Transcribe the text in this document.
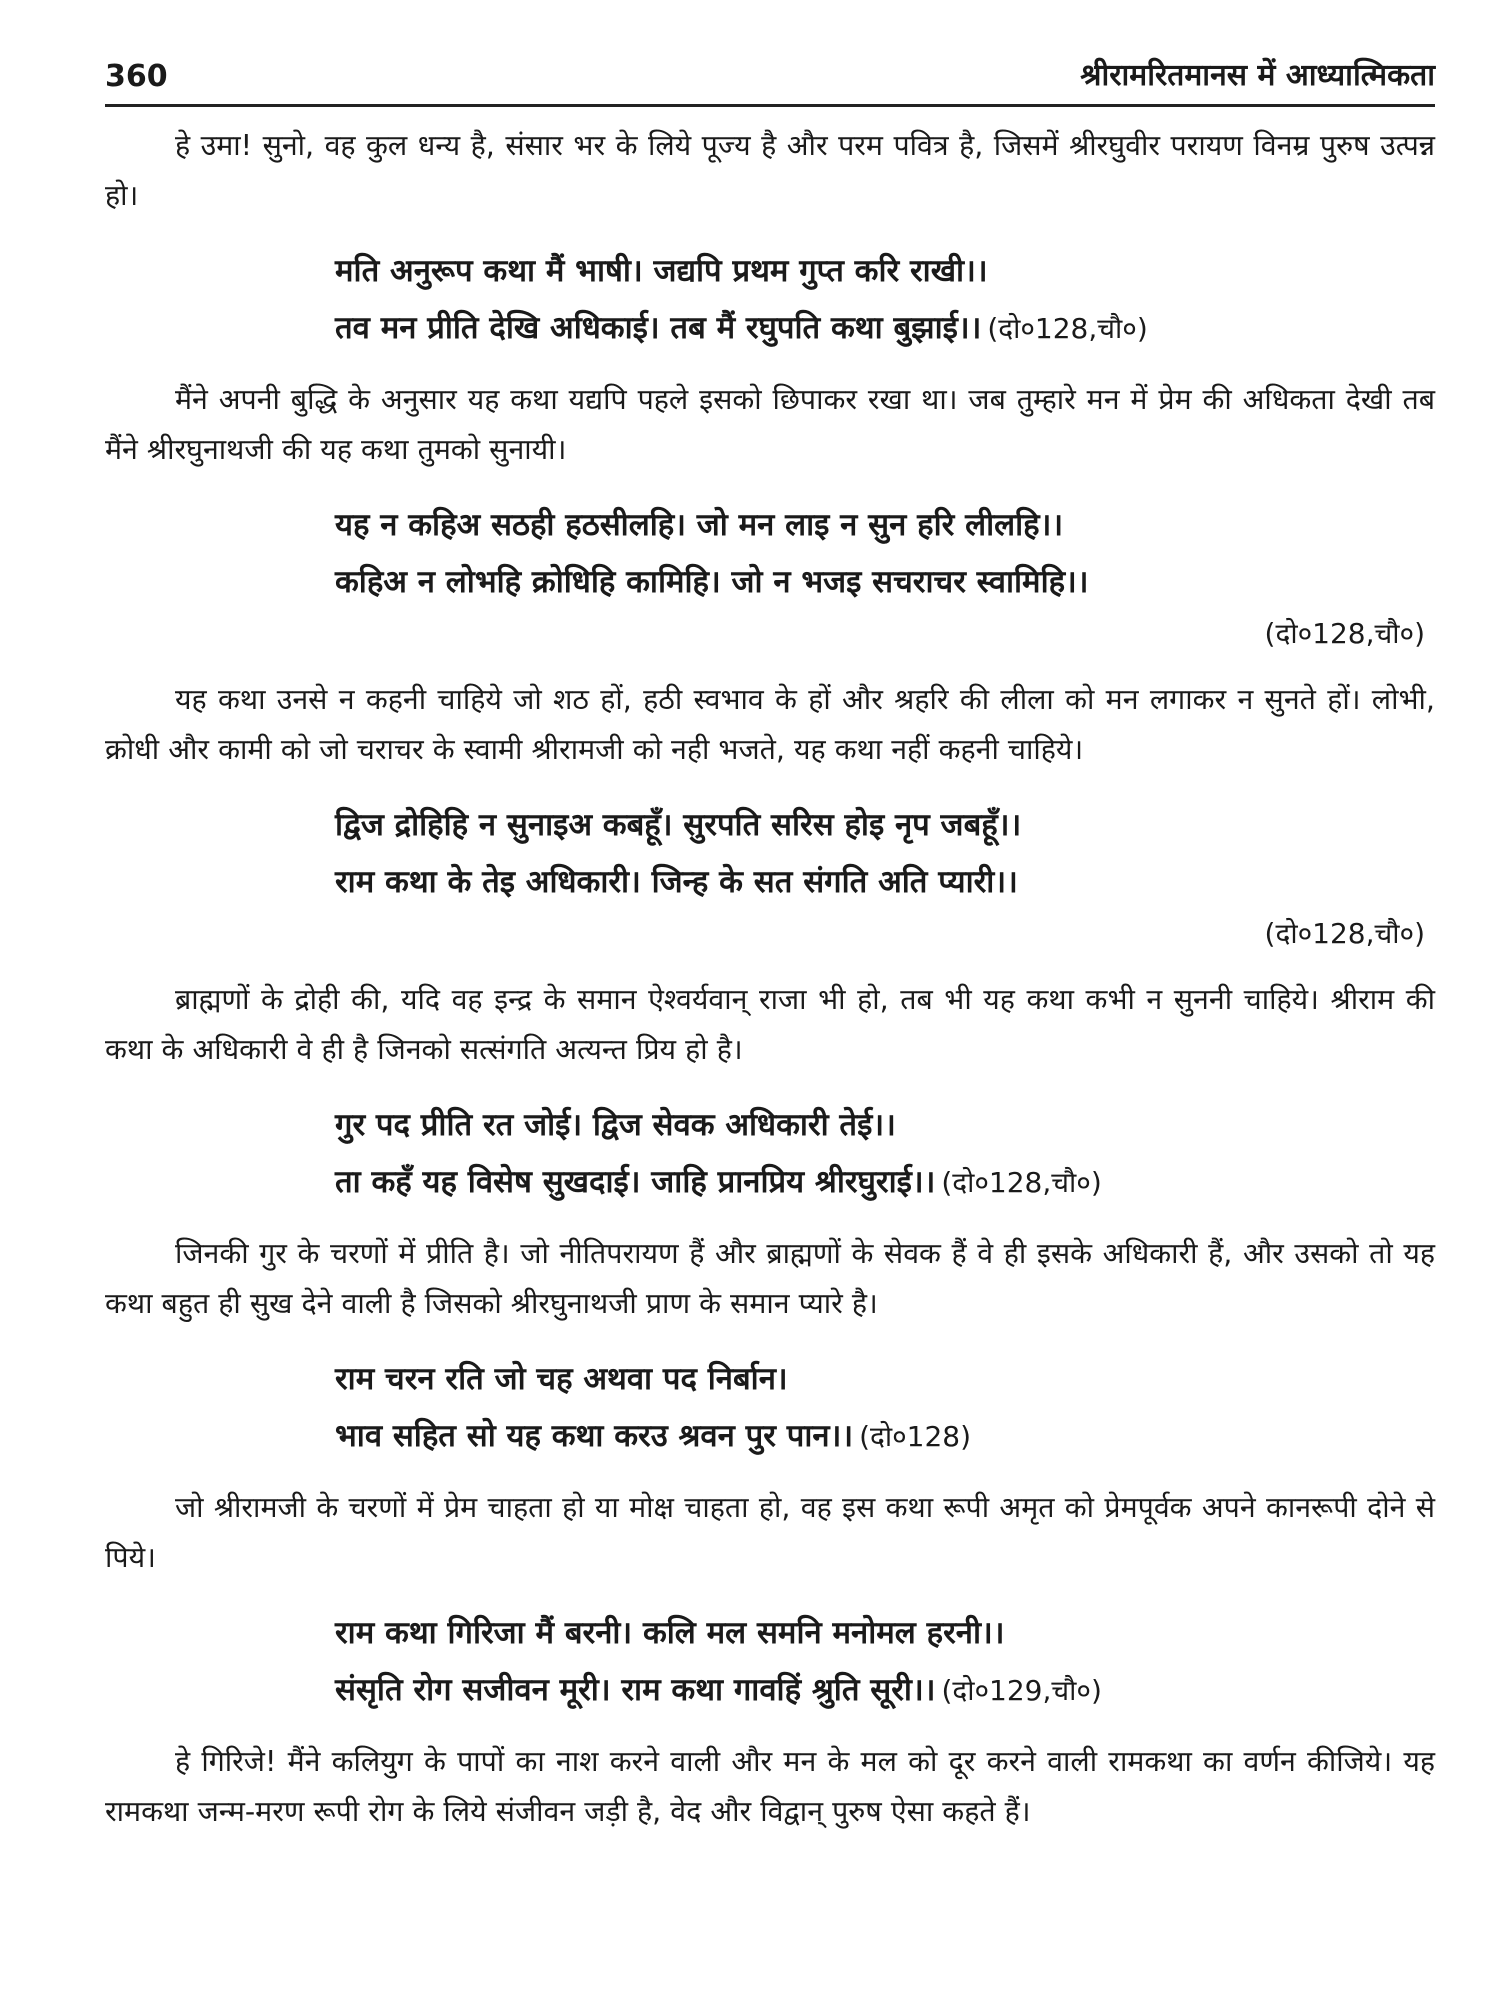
360	श्रीरामरितमानस में आध्यात्मिकता

हे उमा! सुनो, वह कुल धन्य है, संसार भर के लिये पूज्य है और परम पवित्र है, जिसमें श्रीरघुवीर परायण विनम्र पुरुष उत्पन्न हो।

मति अनुरूप कथा मैं भाषी। जद्यपि प्रथम गुप्त करि राखी।।
तव मन प्रीति देखि अधिकाई। तब मैं रघुपति कथा बुझाई।। (दो०128,चौ०)

मैंने अपनी बुद्धि के अनुसार यह कथा यद्यपि पहले इसको छिपाकर रखा था। जब तुम्हारे मन में प्रेम की अधिकता देखी तब मैंने श्रीरघुनाथजी की यह कथा तुमको सुनायी।

यह न कहिअ सठही हठसीलहि। जो मन लाइ न सुन हरि लीलहि।।
कहिअ न लोभहि क्रोधिहि कामिहि। जो न भजइ सचराचर स्वामिहि।।
(दो०128,चौ०)

यह कथा उनसे न कहनी चाहिये जो शठ हों, हठी स्वभाव के हों और श्रहरि की लीला को मन लगाकर न सुनते हों। लोभी, क्रोधी और कामी को जो चराचर के स्वामी श्रीरामजी को नही भजते, यह कथा नहीं कहनी चाहिये।

द्विज द्रोहिहि न सुनाइअ कबहूँ। सुरपति सरिस होइ नृप जबहूँ।।
राम कथा के तेइ अधिकारी। जिन्ह के सत संगति अति प्यारी।।
(दो०128,चौ०)

ब्राह्मणों के द्रोही की, यदि वह इन्द्र के समान ऐश्वर्यवान् राजा भी हो, तब भी यह कथा कभी न सुननी चाहिये। श्रीराम की कथा के अधिकारी वे ही है जिनको सत्संगति अत्यन्त प्रिय हो है।

गुर पद प्रीति रत जोई। द्विज सेवक अधिकारी तेई।।
ता कहँ यह विसेष सुखदाई। जाहि प्रानप्रिय श्रीरघुराई।। (दो०128,चौ०)

जिनकी गुर के चरणों में प्रीति है। जो नीतिपरायण हैं और ब्राह्मणों के सेवक हैं वे ही इसके अधिकारी हैं, और उसको तो यह कथा बहुत ही सुख देने वाली है जिसको श्रीरघुनाथजी प्राण के समान प्यारे है।

राम चरन रति जो चह अथवा पद निर्बान।
भाव सहित सो यह कथा करउ श्रवन पुर पान।। (दो०128)

जो श्रीरामजी के चरणों में प्रेम चाहता हो या मोक्ष चाहता हो, वह इस कथा रूपी अमृत को प्रेमपूर्वक अपने कानरूपी दोने से पिये।

राम कथा गिरिजा मैं बरनी। कलि मल समनि मनोमल हरनी।।
संसृति रोग सजीवन मूरी। राम कथा गावहिं श्रुति सूरी।। (दो०129,चौ०)

हे गिरिजे! मैंने कलियुग के पापों का नाश करने वाली और मन के मल को दूर करने वाली रामकथा का वर्णन कीजिये। यह रामकथा जन्म-मरण रूपी रोग के लिये संजीवन जड़ी है, वेद और विद्वान् पुरुष ऐसा कहते हैं।
